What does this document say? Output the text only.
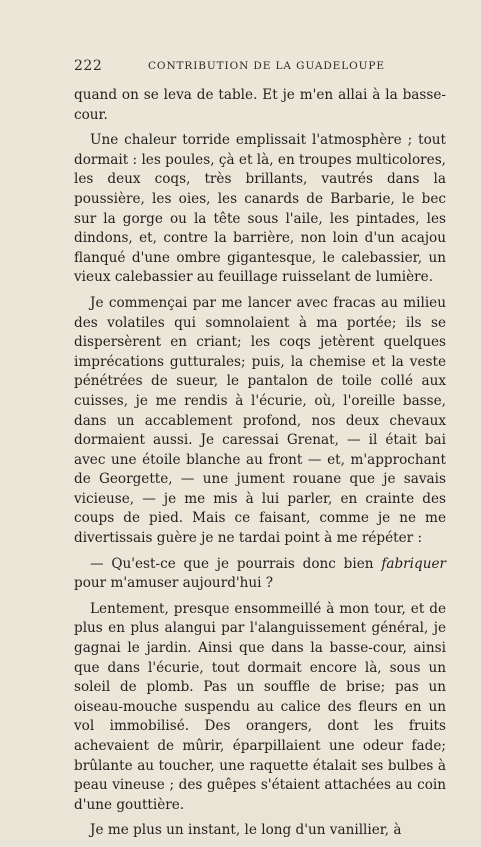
222	CONTRIBUTION DE LA GUADELOUPE

quand on se leva de table. Et je m'en allai à la basse-cour.

Une chaleur torride emplissait l'atmosphère ; tout dormait : les poules, çà et là, en troupes multicolores, les deux coqs, très brillants, vautrés dans la poussière, les oies, les canards de Barbarie, le bec sur la gorge ou la tête sous l'aile, les pintades, les dindons, et, contre la barrière, non loin d'un acajou flanqué d'une ombre gigantesque, le calebassier, un vieux calebassier au feuillage ruisselant de lumière.

Je commençai par me lancer avec fracas au milieu des volatiles qui somnolaient à ma portée; ils se dispersèrent en criant; les coqs jetèrent quelques imprécations gutturales; puis, la chemise et la veste pénétrées de sueur, le pantalon de toile collé aux cuisses, je me rendis à l'écurie, où, l'oreille basse, dans un accablement profond, nos deux chevaux dormaient aussi. Je caressai Grenat, — il était bai avec une étoile blanche au front — et, m'approchant de Georgette, — une jument rouane que je savais vicieuse, — je me mis à lui parler, en crainte des coups de pied. Mais ce faisant, comme je ne me divertissais guère je ne tardai point à me répéter :

— Qu'est-ce que je pourrais donc bien fabriquer pour m'amuser aujourd'hui ?

Lentement, presque ensommeillé à mon tour, et de plus en plus alangui par l'alanguissement général, je gagnai le jardin. Ainsi que dans la basse-cour, ainsi que dans l'écurie, tout dormait encore là, sous un soleil de plomb. Pas un souffle de brise; pas un oiseau-mouche suspendu au calice des fleurs en un vol immobilisé. Des orangers, dont les fruits achevaient de mûrir, éparpillaient une odeur fade; brûlante au toucher, une raquette étalait ses bulbes à peau vineuse ; des guêpes s'étaient attachées au coin d'une gouttière.

Je me plus un instant, le long d'un vanillier, à
